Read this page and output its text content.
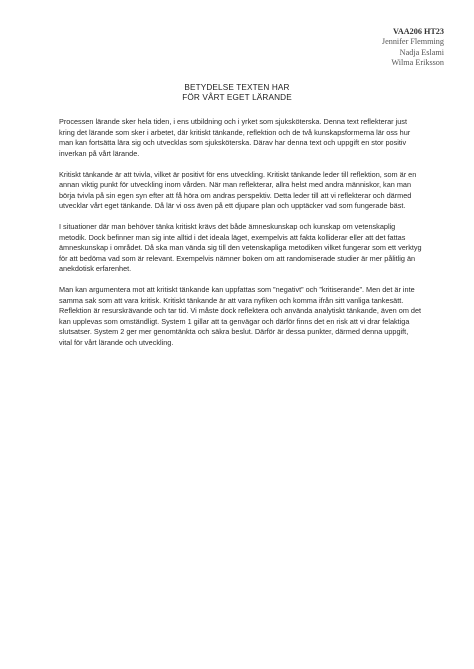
VAA206 HT23
Jennifer Flemming
Nadja Eslami
Wilma Eriksson
BETYDELSE TEXTEN HAR
FÖR VÅRT EGET LÄRANDE

Processen lärande sker hela tiden, i ens utbildning och i yrket som sjuksköterska. Denna text reflekterar just kring det lärande som sker i arbetet, där kritiskt tänkande, reflektion och de två kunskapsformerna lär oss hur man kan fortsätta lära sig och utvecklas som sjuksköterska. Därav har denna text och uppgift en stor positiv inverkan på vårt lärande.

Kritiskt tänkande är att tvivla, vilket är positivt för ens utveckling. Kritiskt tänkande leder till reflektion, som är en annan viktig punkt för utveckling inom vården. När man reflekterar, allra helst med andra människor, kan man börja tvivla på sin egen syn efter att få höra om andras perspektiv. Detta leder till att vi reflekterar och därmed utvecklar vårt eget tänkande. Då lär vi oss även på ett djupare plan och upptäcker vad som fungerade bäst.

I situationer där man behöver tänka kritiskt krävs det både ämneskunskap och kunskap om vetenskaplig metodik. Dock befinner man sig inte alltid i det ideala läget, exempelvis att fakta kolliderar eller att det fattas ämneskunskap i området. Då ska man vända sig till den vetenskapliga metodiken vilket fungerar som ett verktyg för att bedöma vad som är relevant. Exempelvis nämner boken om att randomiserade studier är mer pålitlig än anekdotisk erfarenhet.

Man kan argumentera mot att kritiskt tänkande kan uppfattas som ”negativt” och ”kritiserande”. Men det är inte samma sak som att vara kritisk. Kritiskt tänkande är att vara nyfiken och komma ifrån sitt vanliga tankesätt. Reflektion är resurskrävande och tar tid. Vi måste dock reflektera och använda analytiskt tänkande, även om det kan upplevas som omständligt. System 1 gillar att ta genvägar och därför finns det en risk att vi drar felaktiga slutsatser. System 2 ger mer genomtänkta och säkra beslut. Därför är dessa punkter, därmed denna uppgift, vital för vårt lärande och utveckling.
